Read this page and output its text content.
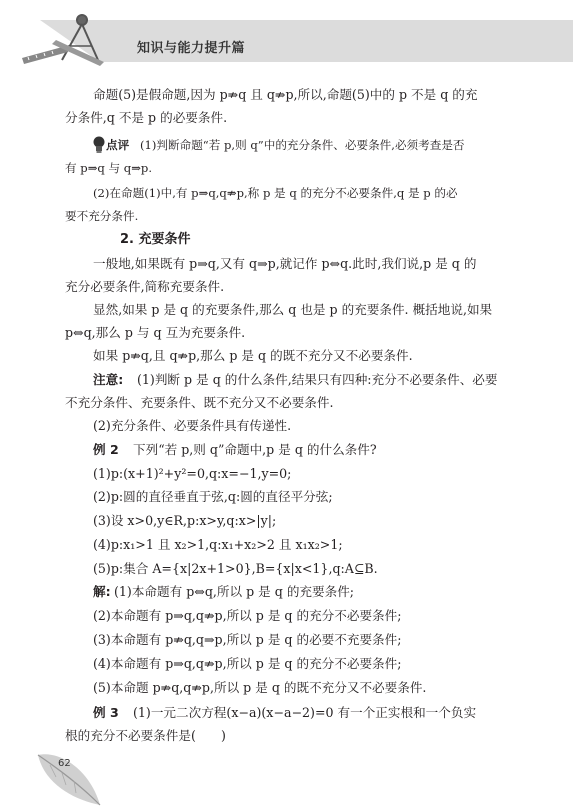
知识与能力提升篇
命题(5)是假命题,因为 p⇏q 且 q⇏p,所以,命题(5)中的 p 不是 q 的充
分条件,q 不是 p 的必要条件.
点评 (1)判断命题“若 p,则 q”中的充分条件、必要条件,必须考查是否
有 p⇒q 与 q⇒p.
(2)在命题(1)中,有 p⇒q,q⇏p,称 p 是 q 的充分不必要条件,q 是 p 的必
要不充分条件.
2. 充要条件
一般地,如果既有 p⇒q,又有 q⇒p,就记作 p⇔q.此时,我们说,p 是 q 的
充分必要条件,简称充要条件.
显然,如果 p 是 q 的充要条件,那么 q 也是 p 的充要条件. 概括地说,如果
p⇔q,那么 p 与 q 互为充要条件.
如果 p⇏q,且 q⇏p,那么 p 是 q 的既不充分又不必要条件.
注意: (1)判断 p 是 q 的什么条件,结果只有四种:充分不必要条件、必要
不充分条件、充要条件、既不充分又不必要条件.
(2)充分条件、必要条件具有传递性.
例 2 下列“若 p,则 q”命题中,p 是 q 的什么条件?
(1)p:(x+1)²+y²=0,q:x=−1,y=0;
(2)p:圆的直径垂直于弦,q:圆的直径平分弦;
(3)设 x>0,y∈R,p:x>y,q:x>|y|;
(4)p:x₁>1 且 x₂>1,q:x₁+x₂>2 且 x₁x₂>1;
(5)p:集合 A={x|2x+1>0},B={x|x<1},q:A⊆B.
解: (1)本命题有 p⇔q,所以 p 是 q 的充要条件;
(2)本命题有 p⇒q,q⇏p,所以 p 是 q 的充分不必要条件;
(3)本命题有 p⇏q,q⇒p,所以 p 是 q 的必要不充要条件;
(4)本命题有 p⇒q,q⇏p,所以 p 是 q 的充分不必要条件;
(5)本命题 p⇏q,q⇏p,所以 p 是 q 的既不充分又不必要条件.
例 3 (1)一元二次方程(x−a)(x−a−2)=0 有一个正实根和一个负实
根的充分不必要条件是(　　)
62
